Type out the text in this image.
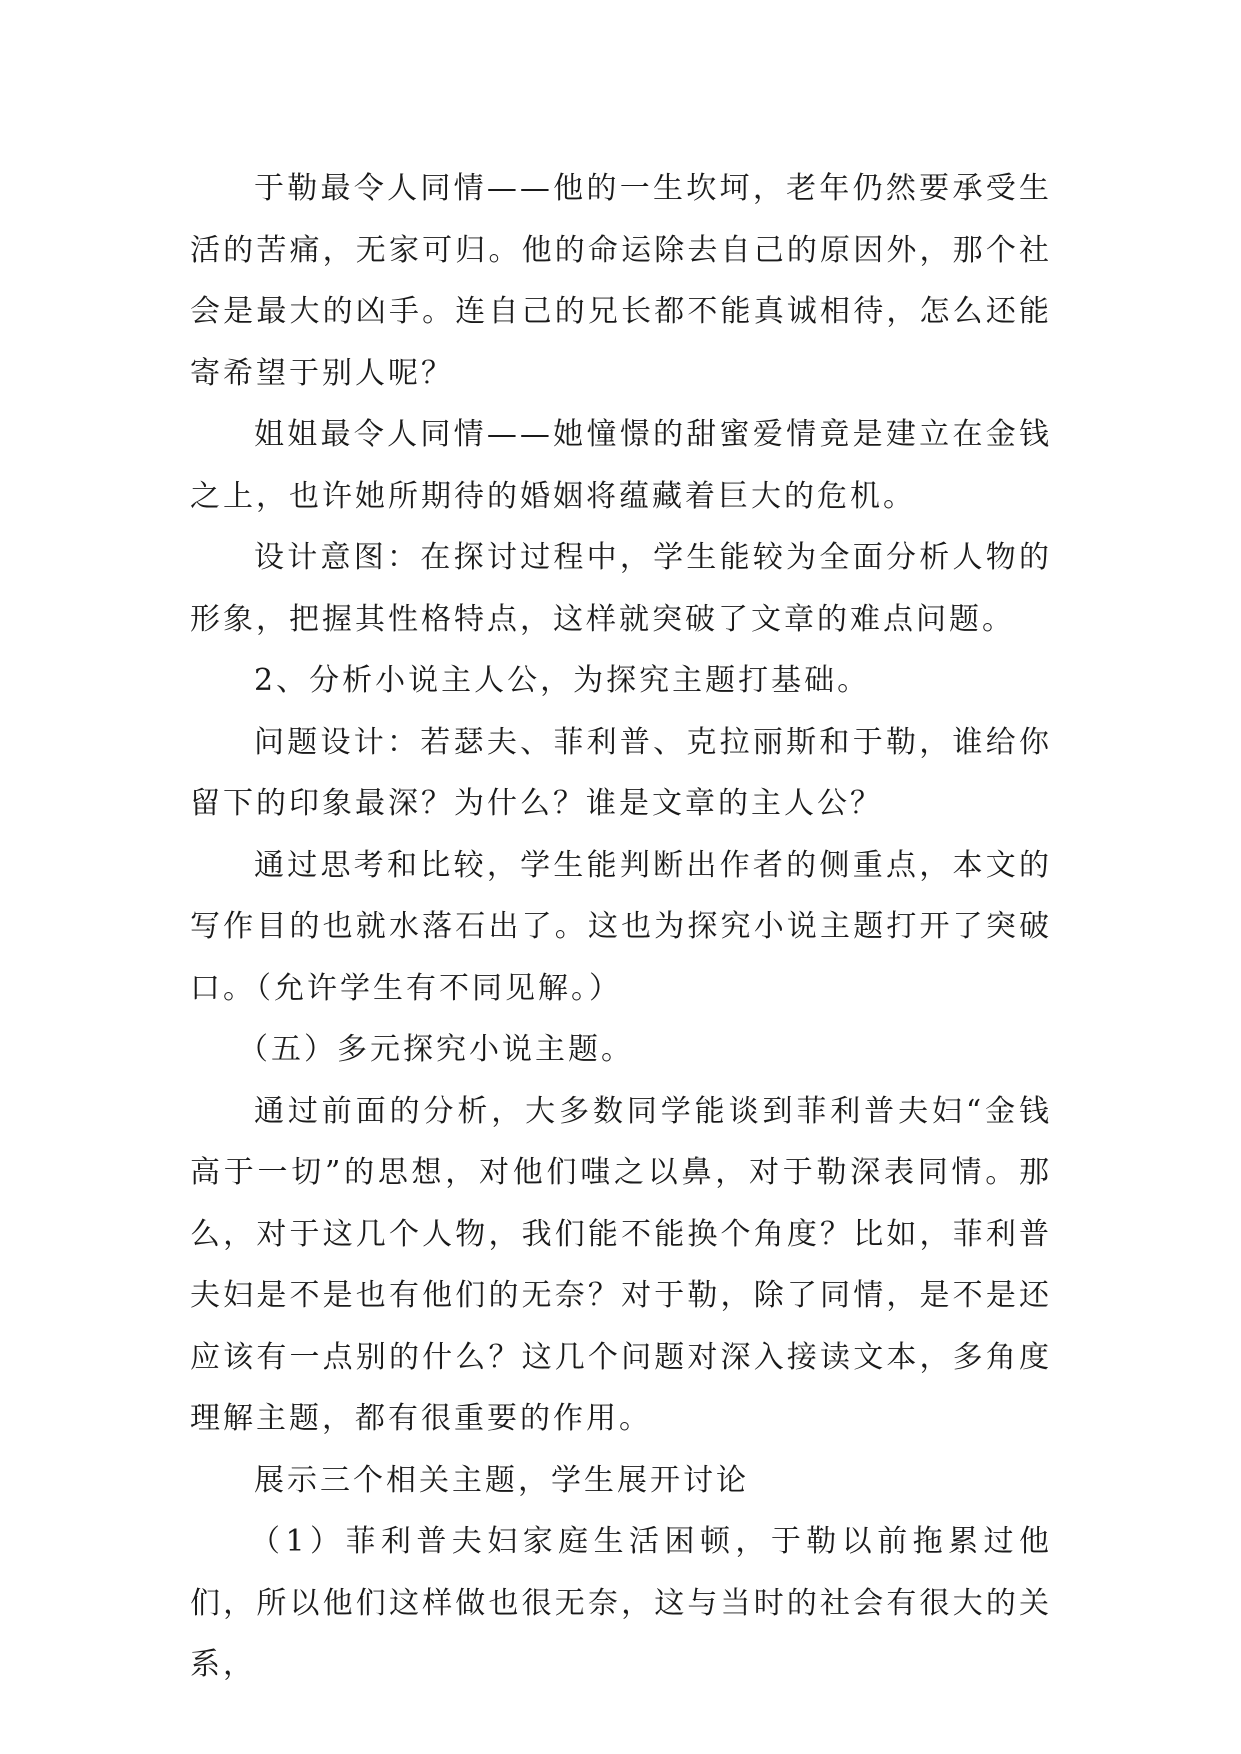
于勒最令人同情——他的一生坎坷，老年仍然要承受生活的苦痛，无家可归。他的命运除去自己的原因外，那个社会是最大的凶手。连自己的兄长都不能真诚相待，怎么还能寄希望于别人呢？

姐姐最令人同情——她憧憬的甜蜜爱情竟是建立在金钱之上，也许她所期待的婚姻将蕴藏着巨大的危机。

设计意图：在探讨过程中，学生能较为全面分析人物的形象，把握其性格特点，这样就突破了文章的难点问题。

2、分析小说主人公，为探究主题打基础。

问题设计：若瑟夫、菲利普、克拉丽斯和于勒，谁给你留下的印象最深？为什么？谁是文章的主人公？

通过思考和比较，学生能判断出作者的侧重点，本文的写作目的也就水落石出了。这也为探究小说主题打开了突破口。（允许学生有不同见解。）

（五）多元探究小说主题。

通过前面的分析，大多数同学能谈到菲利普夫妇“金钱高于一切”的思想，对他们嗤之以鼻，对于勒深表同情。那么，对于这几个人物，我们能不能换个角度？比如，菲利普夫妇是不是也有他们的无奈？对于勒，除了同情，是不是还应该有一点别的什么？这几个问题对深入接读文本，多角度理解主题，都有很重要的作用。

展示三个相关主题，学生展开讨论

（1）菲利普夫妇家庭生活困顿，于勒以前拖累过他们，所以他们这样做也很无奈，这与当时的社会有很大的关系，
